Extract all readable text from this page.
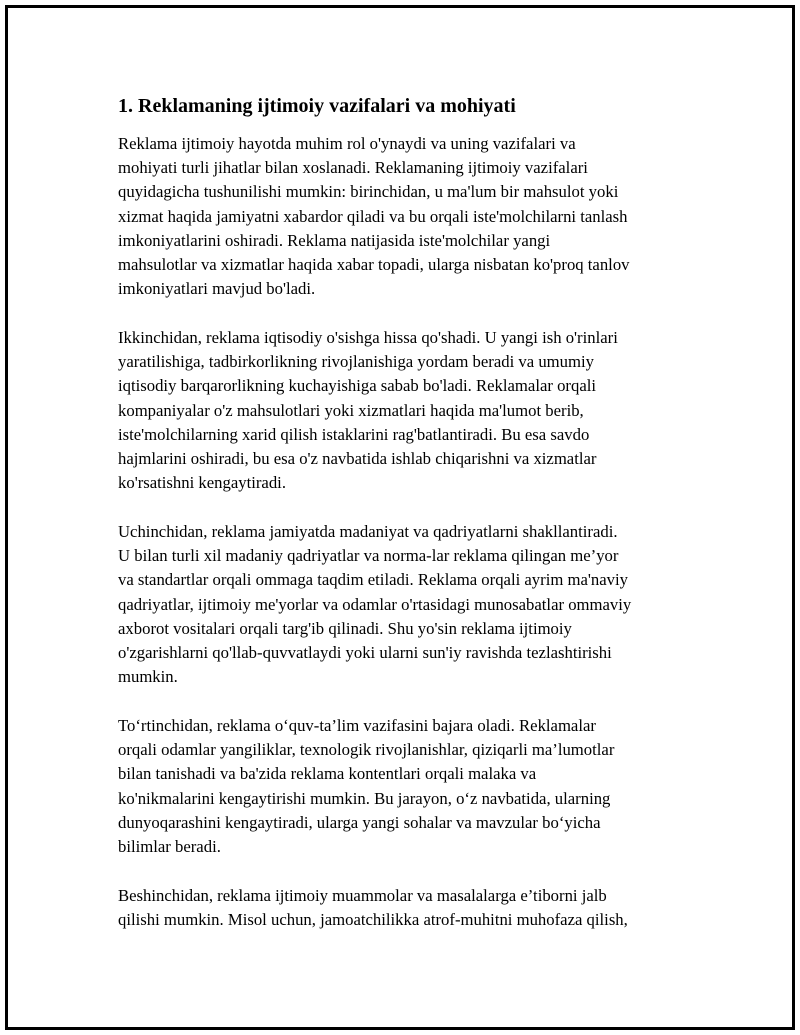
1. Reklamaning ijtimoiy vazifalari va mohiyati
Reklama ijtimoiy hayotda muhim rol o'ynaydi va uning vazifalari va
mohiyati turli jihatlar bilan xoslanadi. Reklamaning ijtimoiy vazifalari
quyidagicha tushunilishi mumkin: birinchidan, u ma'lum bir mahsulot yoki
xizmat haqida jamiyatni xabardor qiladi va bu orqali iste'molchilarni tanlash
imkoniyatlarini oshiradi. Reklama natijasida iste'molchilar yangi
mahsulotlar va xizmatlar haqida xabar topadi, ularga nisbatan ko'proq tanlov
imkoniyatlari mavjud bo'ladi.
Ikkinchidan, reklama iqtisodiy o'sishga hissa qo'shadi. U yangi ish o'rinlari
yaratilishiga, tadbirkorlikning rivojlanishiga yordam beradi va umumiy
iqtisodiy barqarorlikning kuchayishiga sabab bo'ladi. Reklamalar orqali
kompaniyalar o'z mahsulotlari yoki xizmatlari haqida ma'lumot berib,
iste'molchilarning xarid qilish istaklarini rag'batlantiradi. Bu esa savdo
hajmlarini oshiradi, bu esa o'z navbatida ishlab chiqarishni va xizmatlar
ko'rsatishni kengaytiradi.
Uchinchidan, reklama jamiyatda madaniyat va qadriyatlarni shakllantiradi.
U bilan turli xil madaniy qadriyatlar va norma-lar reklama qilingan me’yor
va standartlar orqali ommaga taqdim etiladi. Reklama orqali ayrim ma'naviy
qadriyatlar, ijtimoiy me'yorlar va odamlar o'rtasidagi munosabatlar ommaviy
axborot vositalari orqali targ'ib qilinadi. Shu yo'sin reklama ijtimoiy
o'zgarishlarni qo'llab-quvvatlaydi yoki ularni sun'iy ravishda tezlashtirishi
mumkin.
To‘rtinchidan, reklama o‘quv-ta’lim vazifasini bajara oladi. Reklamalar
orqali odamlar yangiliklar, texnologik rivojlanishlar, qiziqarli ma’lumotlar
bilan tanishadi va ba'zida reklama kontentlari orqali malaka va
ko'nikmalarini kengaytirishi mumkin. Bu jarayon, o‘z navbatida, ularning
dunyoqarashini kengaytiradi, ularga yangi sohalar va mavzular bo‘yicha
bilimlar beradi.
Beshinchidan, reklama ijtimoiy muammolar va masalalarga e’tiborni jalb
qilishi mumkin. Misol uchun, jamoatchilikka atrof-muhitni muhofaza qilish,
